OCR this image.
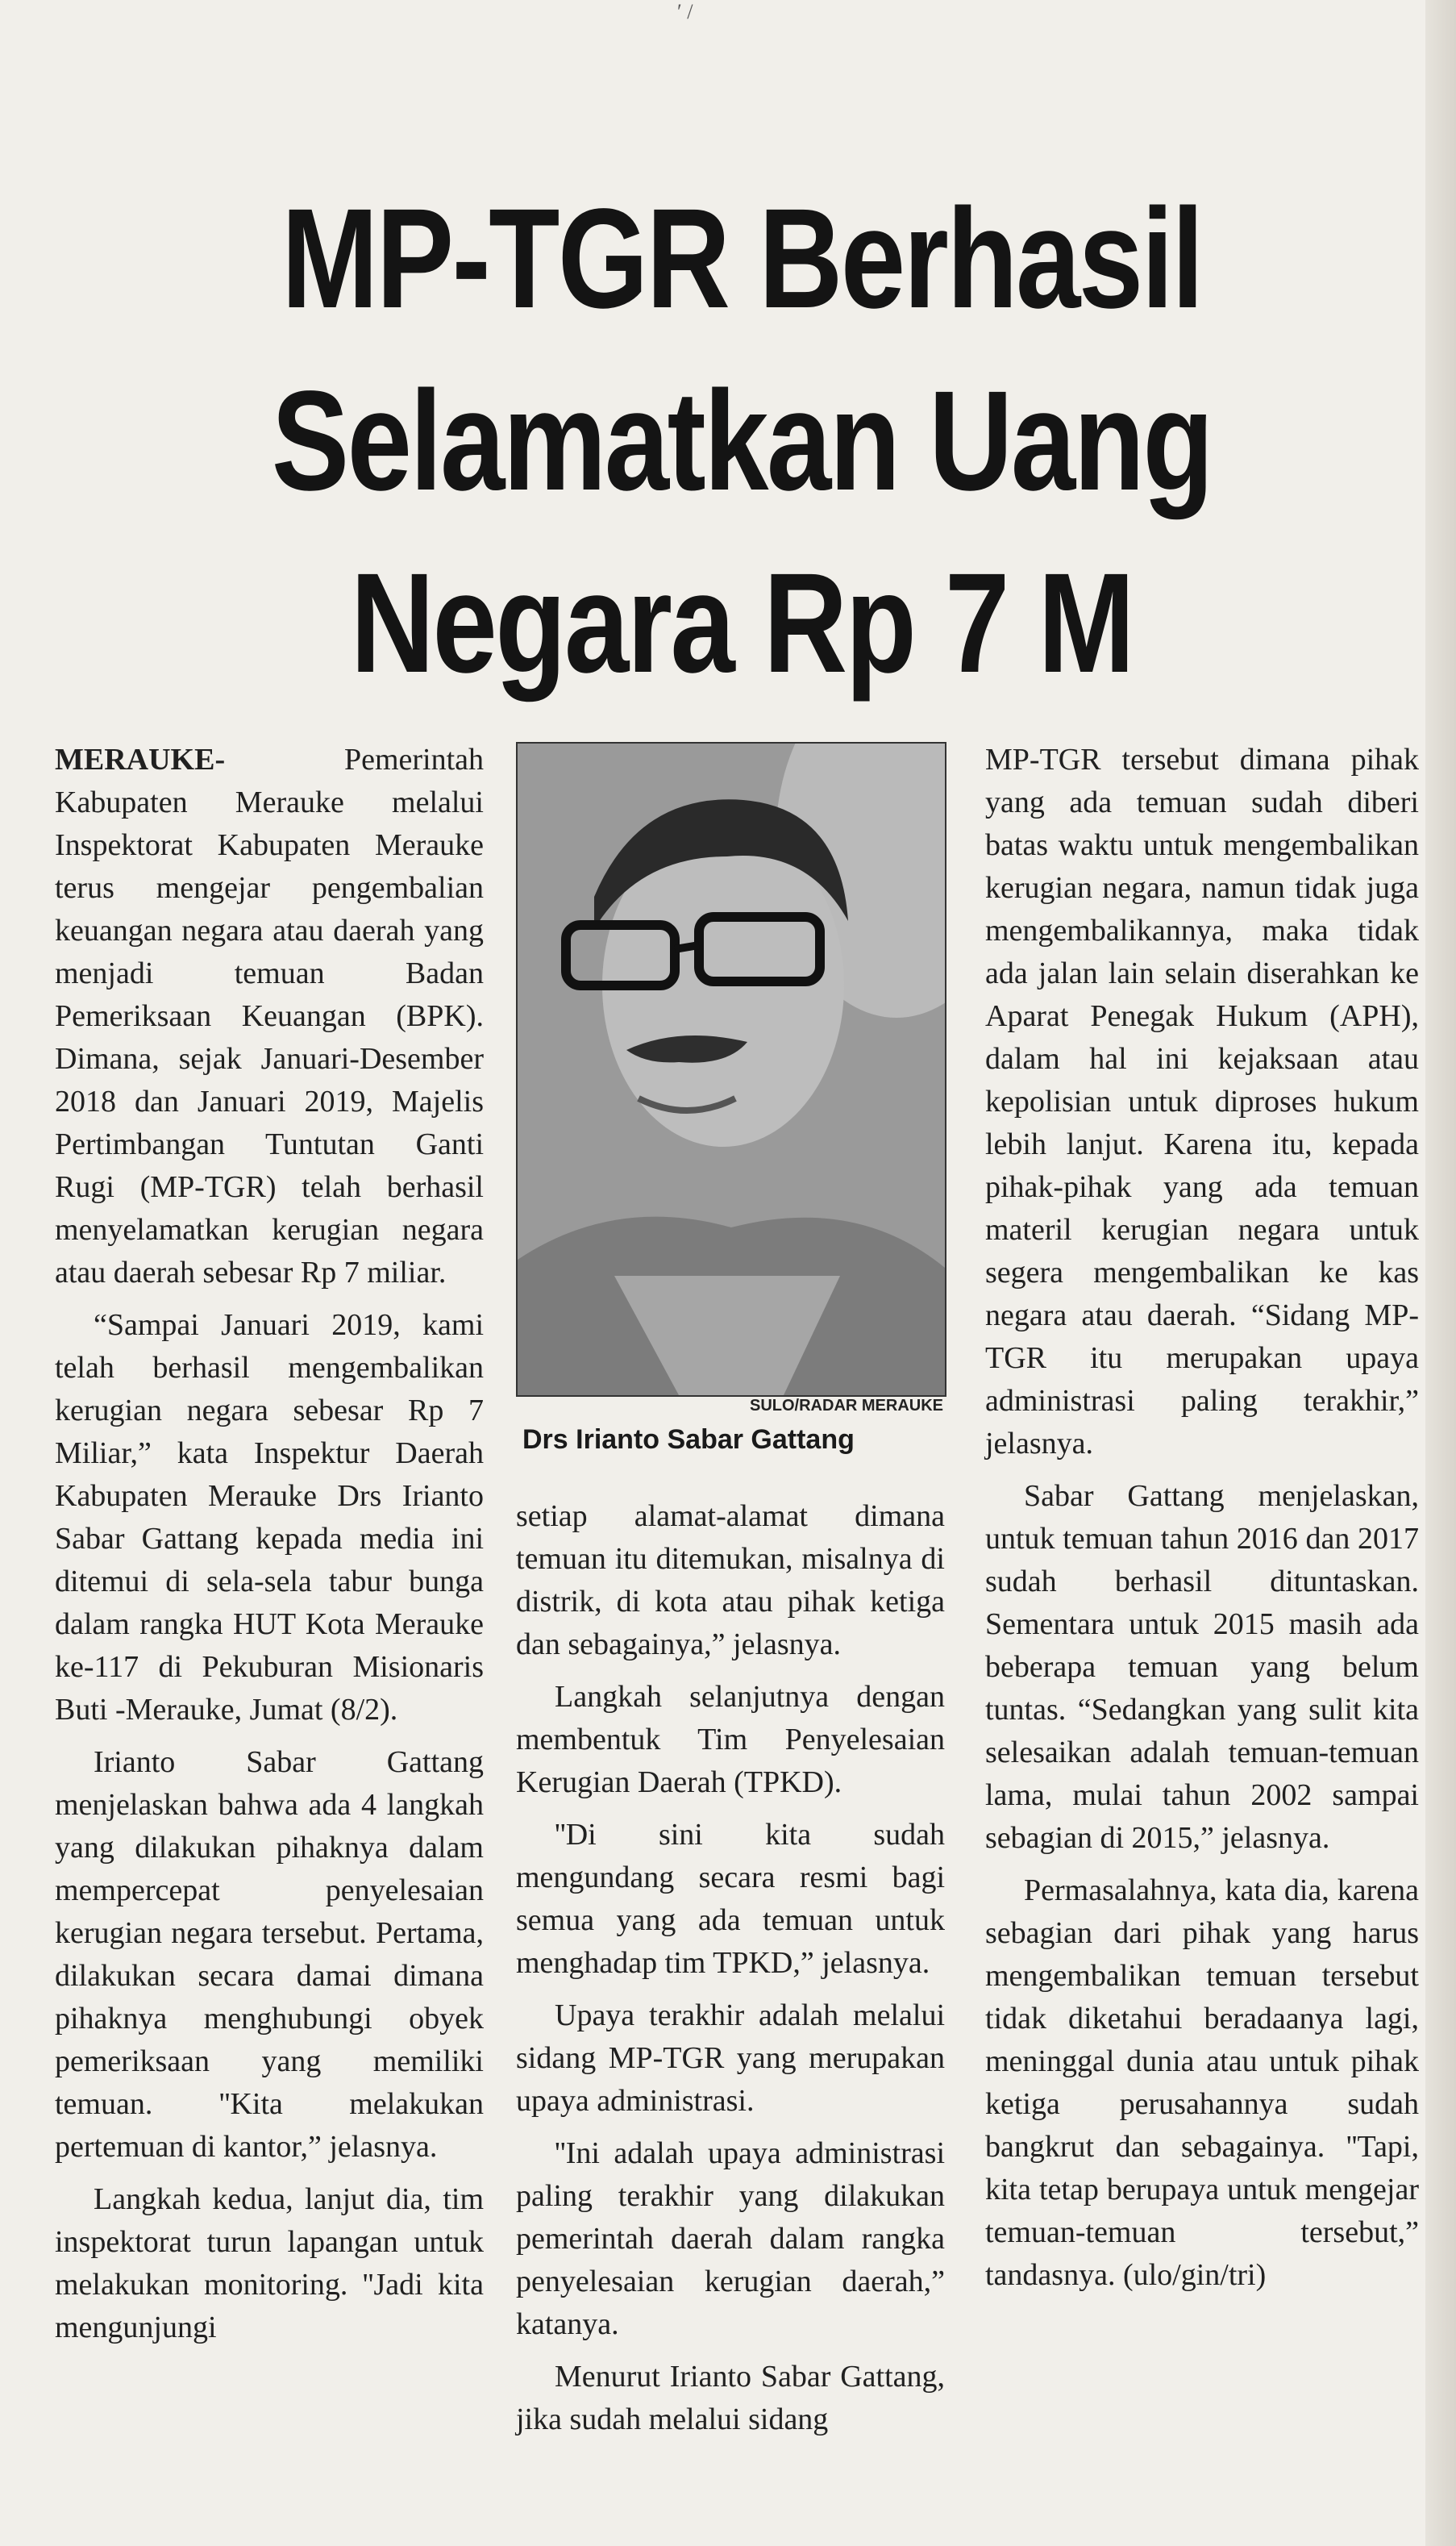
′ /
MP-TGR Berhasil
Selamatkan Uang
Negara Rp 7 M

MERAUKE-	Pemerintah Kabupaten Merauke melalui Inspektorat Kabupaten Merauke terus mengejar pengembalian keuangan negara atau daerah yang menjadi temuan Badan Pemeriksaan Keuangan (BPK). Dimana, sejak Januari-Desember 2018 dan Januari 2019, Majelis Pertimbangan Tuntutan Ganti Rugi (MP-TGR) telah berhasil menyelamatkan kerugian negara atau daerah sebesar Rp 7 miliar.

“Sampai Januari 2019, kami telah berhasil mengembalikan kerugian negara sebesar Rp 7 Miliar,” kata Inspektur Daerah Kabupaten Merauke Drs Irianto Sabar Gattang kepada media ini ditemui di sela-sela tabur bunga dalam rangka HUT Kota Merauke ke-117 di Pekuburan Misionaris Buti -Merauke, Jumat (8/2).

Irianto Sabar Gattang menjelaskan bahwa ada 4 langkah yang dilakukan pihaknya dalam mempercepat penyelesaian kerugian negara tersebut. Pertama, dilakukan secara damai dimana pihaknya menghubungi obyek pemeriksaan yang memiliki temuan. ''Kita melakukan pertemuan di kantor,” jelasnya.

Langkah kedua, lanjut dia, tim inspektorat turun lapangan untuk melakukan monitoring. ''Jadi kita mengunjungi

SULO/RADAR MERAUKE
Drs Irianto Sabar Gattang

setiap alamat-alamat dimana temuan itu ditemukan, misalnya di distrik, di kota atau pihak ketiga dan sebagainya,” jelasnya.

Langkah selanjutnya dengan membentuk Tim Penyelesaian Kerugian Daerah (TPKD).

''Di sini kita sudah mengundang secara resmi bagi semua yang ada temuan untuk menghadap tim TPKD,” jelasnya.

Upaya terakhir adalah melalui sidang MP-TGR yang merupakan upaya administrasi.

''Ini adalah upaya administrasi paling terakhir yang dilakukan pemerintah daerah dalam rangka penyelesaian kerugian daerah,” katanya.

Menurut Irianto Sabar Gattang, jika sudah melalui sidang

MP-TGR tersebut dimana pihak yang ada temuan sudah diberi batas waktu untuk mengembalikan kerugian negara, namun tidak juga mengembalikannya, maka tidak ada jalan lain selain diserahkan ke Aparat Penegak Hukum (APH), dalam hal ini kejaksaan atau kepolisian untuk diproses hukum lebih lanjut. Karena itu, kepada pihak-pihak yang ada temuan materil kerugian negara untuk segera mengembalikan ke kas negara atau daerah. “Sidang MP-TGR itu merupakan upaya administrasi paling terakhir,” jelasnya.

Sabar Gattang menjelaskan, untuk temuan tahun 2016 dan 2017 sudah berhasil dituntaskan. Sementara untuk 2015 masih ada beberapa temuan yang belum tuntas. “Sedangkan yang sulit kita selesaikan adalah temuan-temuan lama, mulai tahun 2002 sampai sebagian di 2015,” jelasnya.

Permasalahnya, kata dia, karena sebagian dari pihak yang harus mengembalikan temuan tersebut tidak diketahui beradaanya lagi, meninggal dunia atau untuk pihak ketiga perusahannya sudah bangkrut dan sebagainya. ''Tapi, kita tetap berupaya untuk mengejar temuan-temuan tersebut,” tandasnya. (ulo/gin/tri)
